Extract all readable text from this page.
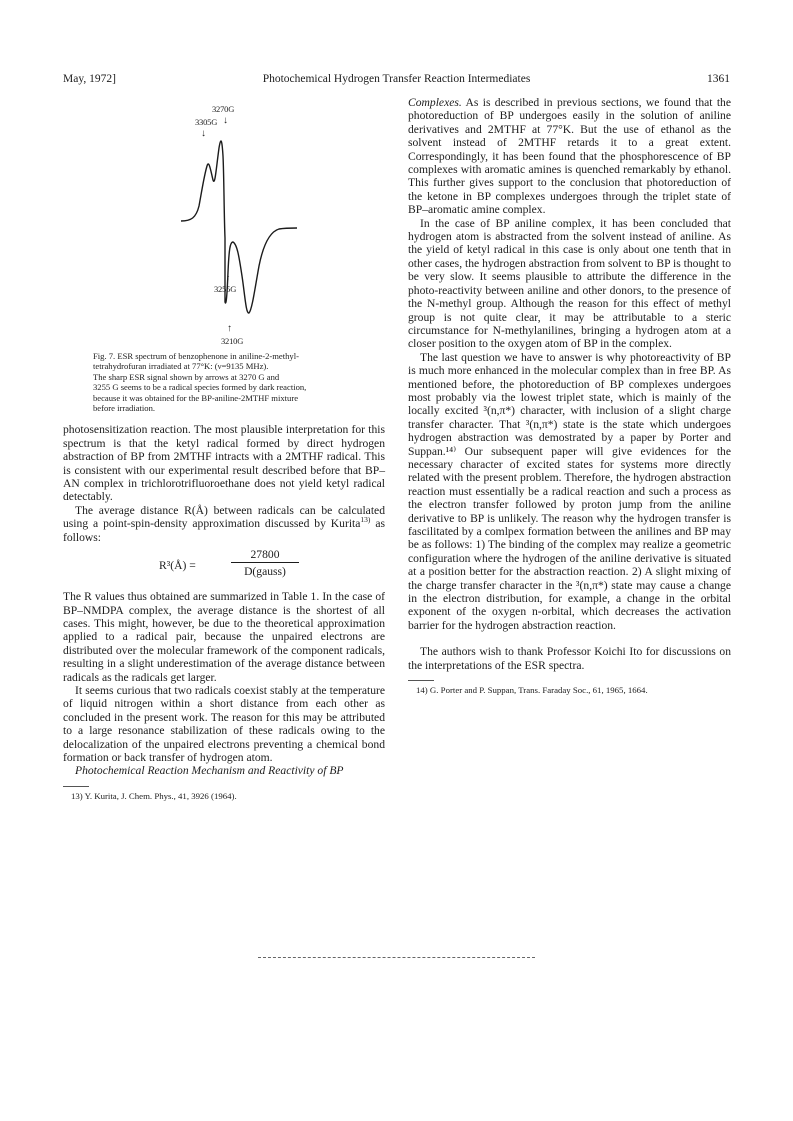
May, 1972]	Photochemical Hydrogen Transfer Reaction Intermediates	1361
3270G
3305G ↓
↓
↑
3255G
↑
3210G
Fig. 7. ESR spectrum of benzophenone in aniline-2-methyl-
tetrahydrofuran irradiated at 77°K: (ν=9135 MHz).
The sharp ESR signal shown by arrows at 3270 G and
3255 G seems to be a radical species formed by dark reaction,
because it was obtained for the BP-aniline-2MTHF mixture
before irradiation.

photosensitization reaction. The most plausible interpretation for this spectrum is that the ketyl radical formed by direct hydrogen abstraction of BP from 2MTHF intracts with a 2MTHF radical. This is consistent with our experimental result described before that BP–AN complex in trichlorotrifluoroethane does not yield ketyl radical detectably.

The average distance R(Å) between radicals can be calculated using a point-spin-density approximation discussed by Kurita$^{13)}$ as follows:

R³(Å) =
27800
D(gauss)

The R values thus obtained are summarized in Table 1. In the case of BP–NMDPA complex, the average distance is the shortest of all cases. This might, however, be due to the theoretical approximation applied to a radical pair, because the unpaired electrons are distributed over the molecular framework of the component radicals, resulting in a slight underestimation of the average distance between radicals as the radicals get larger.

It seems curious that two radicals coexist stably at the temperature of liquid nitrogen within a short distance from each other as concluded in the present work. The reason for this may be attributed to a large resonance stabilization of these radicals owing to the delocalization of the unpaired electrons preventing a chemical bond formation or back transfer of hydrogen atom.

Photochemical Reaction Mechanism and Reactivity of BP

13) Y. Kurita, J. Chem. Phys., 41, 3926 (1964).

Complexes. As is described in previous sections, we found that the photoreduction of BP undergoes easily in the solution of aniline derivatives and 2MTHF at 77°K. But the use of ethanol as the solvent instead of 2MTHF retards it to a great extent. Correspondingly, it has been found that the phosphorescence of BP complexes with aromatic amines is quenched remarkably by ethanol. This further gives support to the conclusion that photoreduction of the ketone in BP complexes undergoes through the triplet state of BP–aromatic amine complex.

In the case of BP aniline complex, it has been concluded that hydrogen atom is abstracted from the solvent instead of aniline. As the yield of ketyl radical in this case is only about one tenth that in other cases, the hydrogen abstraction from solvent to BP is thought to be very slow. It seems plausible to attribute the difference in the photo-reactivity between aniline and other donors, to the presence of the N-methyl group. Although the reason for this effect of methyl group is not quite clear, it may be attributable to a steric circumstance for N-methylanilines, bringing a hydrogen atom at a closer position to the oxygen atom of BP in the complex.

The last question we have to answer is why photoreactivity of BP is much more enhanced in the molecular complex than in free BP. As mentioned before, the photoreduction of BP complexes undergoes most probably via the lowest triplet state, which is mainly of the locally excited ³(n,π*) character, with inclusion of a slight charge transfer character. That ³(n,π*) state is the state which undergoes hydrogen abstraction was demostrated by a paper by Porter and Suppan.¹⁴⁾ Our subsequent paper will give evidences for the necessary character of excited states for systems more directly related with the present problem. Therefore, the hydrogen abstraction reaction must essentially be a radical reaction and such a process as the electron transfer followed by proton jump from the aniline derivative to BP is unlikely. The reason why the hydrogen transfer is fascilitated by a comlpex formation between the anilines and BP may be as follows: 1) The binding of the complex may realize a geometric configuration where the hydrogen of the aniline derivative is situated at a position better for the abstraction reaction. 2) A slight mixing of the charge transfer character in the ³(n,π*) state may cause a change in the electron distribution, for example, a change in the orbital exponent of the oxygen n-orbital, which decreases the activation barrier for the hydrogen abstraction reaction.

The authors wish to thank Professor Koichi Ito for discussions on the interpretations of the ESR spectra.

14) G. Porter and P. Suppan, Trans. Faraday Soc., 61, 1965, 1664.
